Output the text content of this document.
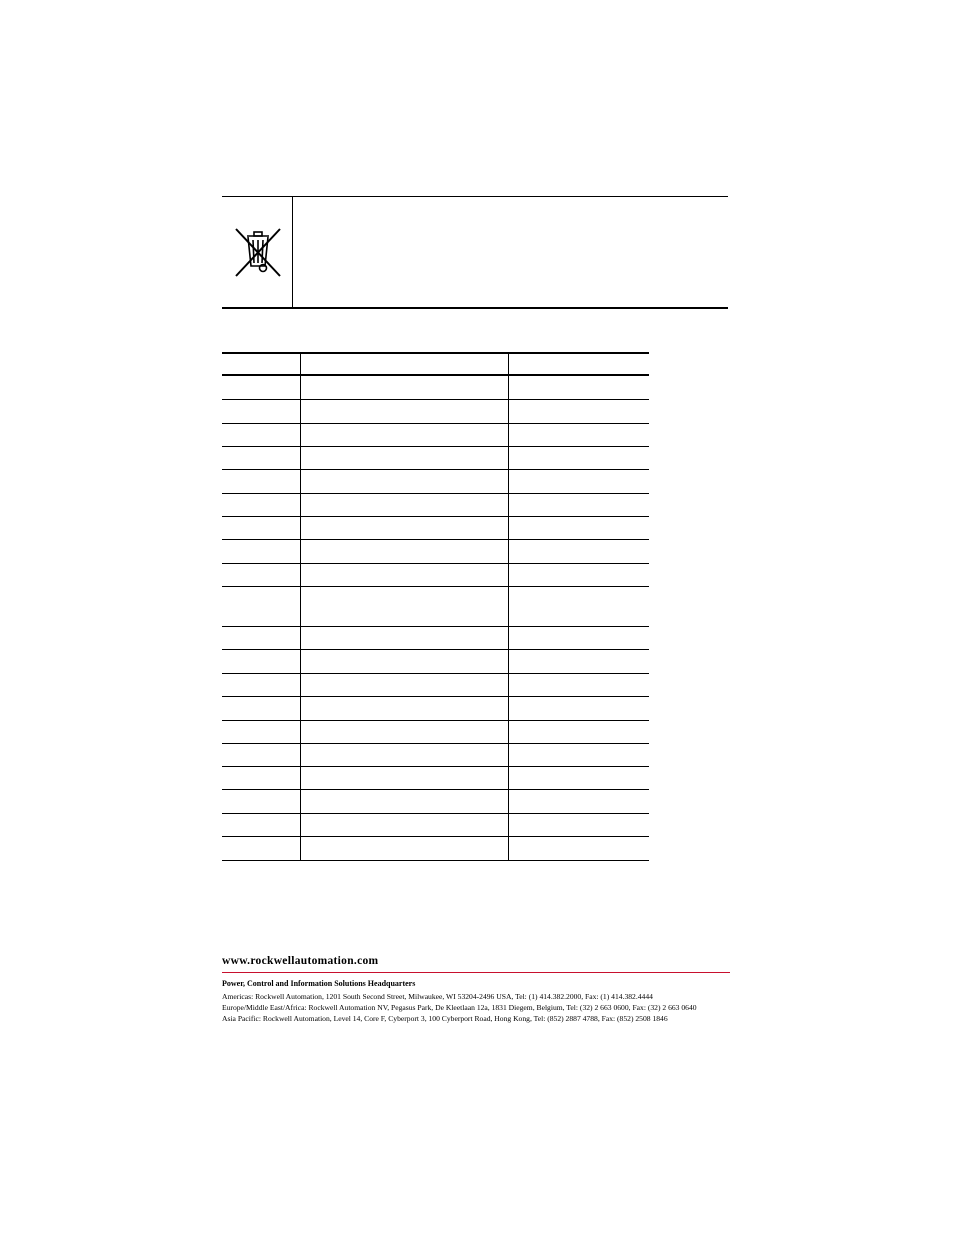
www.rockwellautomation.com

Power, Control and Information Solutions Headquarters

Americas: Rockwell Automation, 1201 South Second Street, Milwaukee, WI 53204-2496 USA, Tel: (1) 414.382.2000, Fax: (1) 414.382.4444

Europe/Middle East/Africa: Rockwell Automation NV, Pegasus Park, De Kleetlaan 12a, 1831 Diegem, Belgium, Tel: (32) 2 663 0600, Fax: (32) 2 663 0640

Asia Pacific: Rockwell Automation, Level 14, Core F, Cyberport 3, 100 Cyberport Road, Hong Kong, Tel: (852) 2887 4788, Fax: (852) 2508 1846
